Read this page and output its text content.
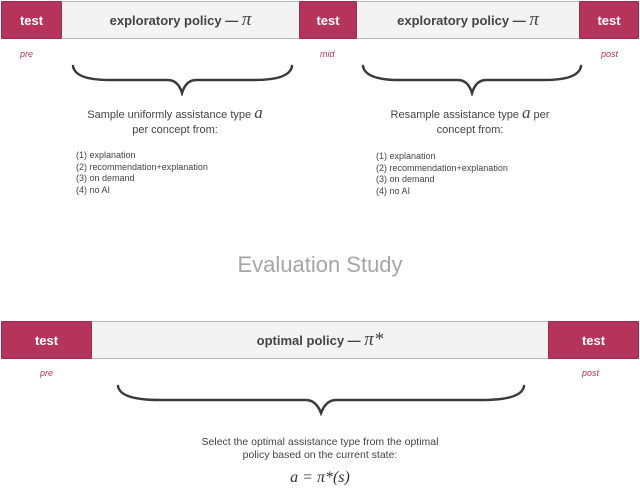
test	exploratory policy — π	test	exploratory policy — π	test
pre	mid	post
Sample uniformly assistance type a
per concept from:
(1) explanation
(2) recommendation+explanation
(3) on demand
(4) no AI
Resample assistance type a per
concept from:
(1) explanation
(2) recommendation+explanation
(3) on demand
(4) no AI
Evaluation Study
test	optimal policy — π*	test
pre	post
Select the optimal assistance type from the optimal
policy based on the current state:
a = π*(s)
